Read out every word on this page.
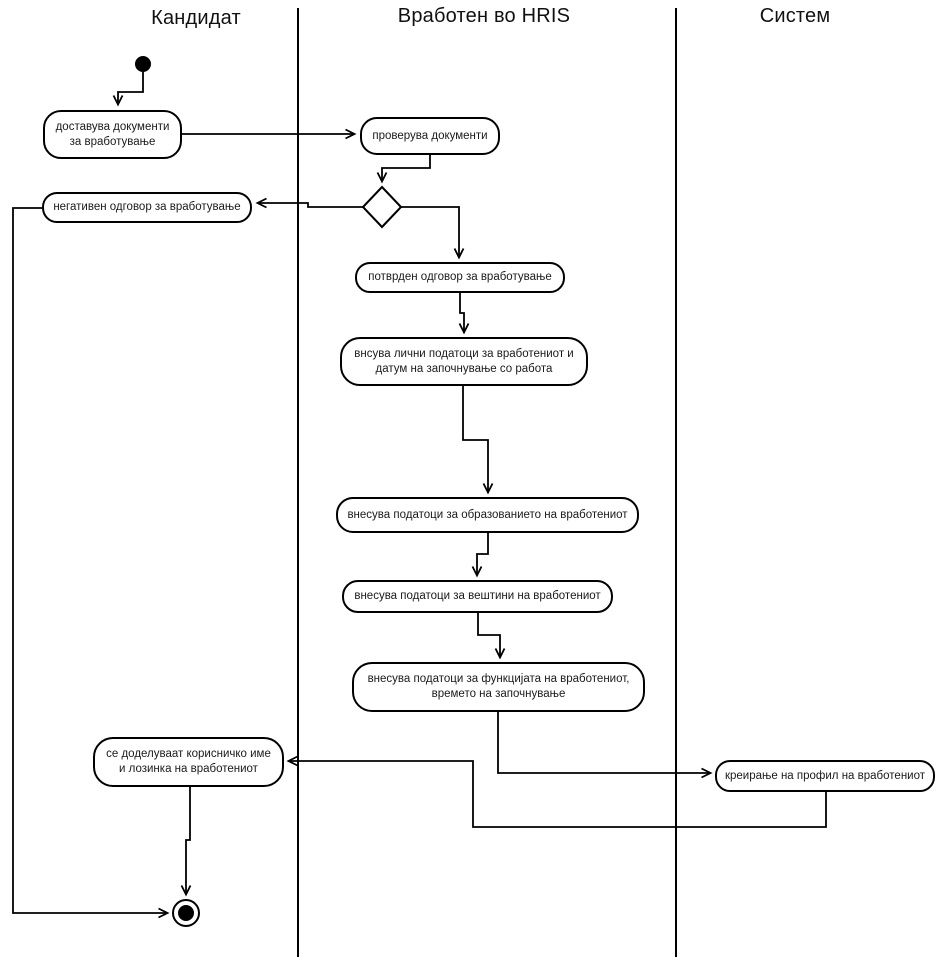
Кандидат	Вработен во HRIS	Систем
доставува документи за вработување	проверува документи
негативен одговор за вработување
потврден одговор за вработување
внсува лични податоци за вработениот и датум на започнување со работа
внесува податоци за образованието на вработениот
внесува податоци за вештини на вработениот
внесува податоци за функцијата на вработениот, времето на започнување
креирање на профил на вработениот
се доделуваат корисничко име и лозинка на вработениот
